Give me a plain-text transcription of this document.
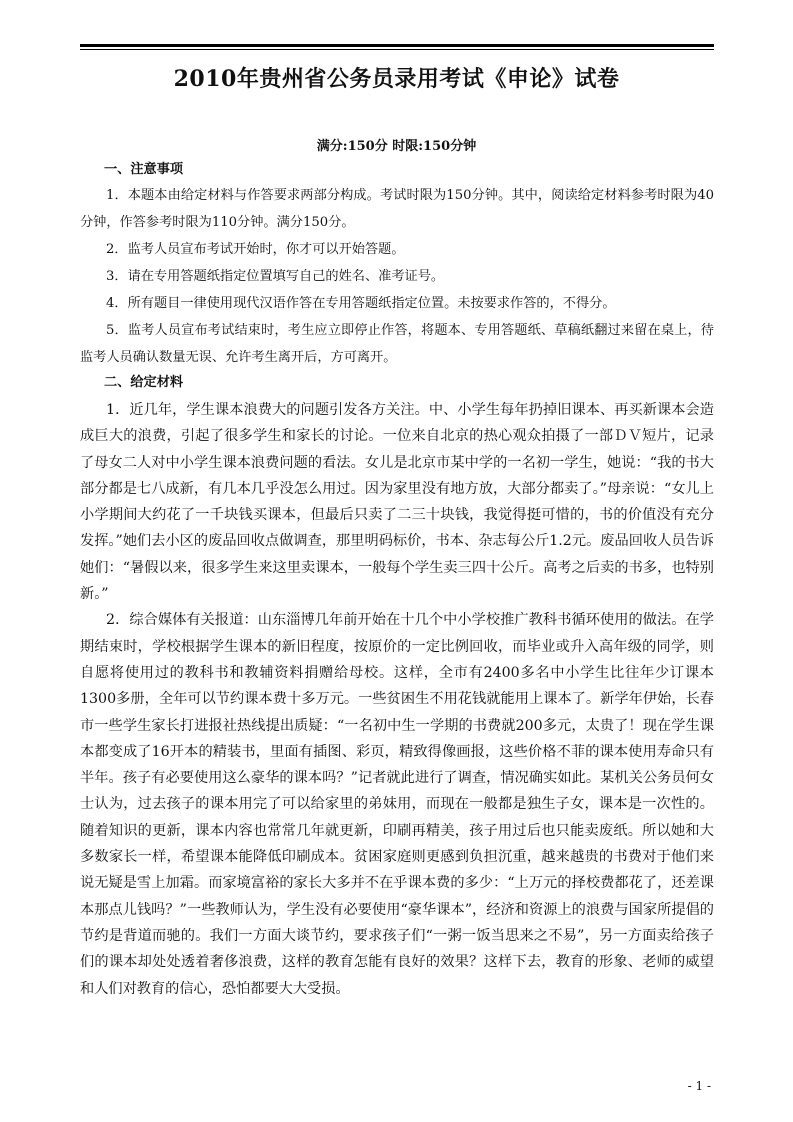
2010年贵州省公务员录用考试《申论》试卷
满分:150分 时限:150分钟
一、注意事项

1．本题本由给定材料与作答要求两部分构成。考试时限为150分钟。其中，阅读给定材料参考时限为40分钟，作答参考时限为110分钟。满分150分。

2．监考人员宣布考试开始时，你才可以开始答题。

3．请在专用答题纸指定位置填写自己的姓名、准考证号。

4．所有题目一律使用现代汉语作答在专用答题纸指定位置。未按要求作答的，不得分。

5．监考人员宣布考试结束时，考生应立即停止作答，将题本、专用答题纸、草稿纸翻过来留在桌上，待监考人员确认数量无误、允许考生离开后，方可离开。

二、给定材料

1．近几年，学生课本浪费大的问题引发各方关注。中、小学生每年扔掉旧课本、再买新课本会造成巨大的浪费，引起了很多学生和家长的讨论。一位来自北京的热心观众拍摄了一部ＤＶ短片，记录了母女二人对中小学生课本浪费问题的看法。女儿是北京市某中学的一名初一学生，她说：“我的书大部分都是七八成新，有几本几乎没怎么用过。因为家里没有地方放，大部分都卖了。”母亲说：“女儿上小学期间大约花了一千块钱买课本，但最后只卖了二三十块钱，我觉得挺可惜的，书的价值没有充分发挥。”她们去小区的废品回收点做调查，那里明码标价，书本、杂志每公斤1.2元。废品回收人员告诉她们：“暑假以来，很多学生来这里卖课本，一般每个学生卖三四十公斤。高考之后卖的书多，也特别新。”

2．综合媒体有关报道：山东淄博几年前开始在十几个中小学校推广教科书循环使用的做法。在学期结束时，学校根据学生课本的新旧程度，按原价的一定比例回收，而毕业或升入高年级的同学，则自愿将使用过的教科书和教辅资料捐赠给母校。这样，全市有2400多名中小学生比往年少订课本1300多册，全年可以节约课本费十多万元。一些贫困生不用花钱就能用上课本了。新学年伊始，长春市一些学生家长打进报社热线提出质疑：“一名初中生一学期的书费就200多元，太贵了！现在学生课本都变成了16开本的精装书，里面有插图、彩页，精致得像画报，这些价格不菲的课本使用寿命只有半年。孩子有必要使用这么豪华的课本吗？”记者就此进行了调查，情况确实如此。某机关公务员何女士认为，过去孩子的课本用完了可以给家里的弟妹用，而现在一般都是独生子女，课本是一次性的。随着知识的更新，课本内容也常常几年就更新，印刷再精美，孩子用过后也只能卖废纸。所以她和大多数家长一样，希望课本能降低印刷成本。贫困家庭则更感到负担沉重，越来越贵的书费对于他们来说无疑是雪上加霜。而家境富裕的家长大多并不在乎课本费的多少：“上万元的择校费都花了，还差课本那点儿钱吗？”一些教师认为，学生没有必要使用“豪华课本”，经济和资源上的浪费与国家所提倡的节约是背道而驰的。我们一方面大谈节约，要求孩子们“一粥一饭当思来之不易”，另一方面卖给孩子们的课本却处处透着奢侈浪费，这样的教育怎能有良好的效果？这样下去，教育的形象、老师的威望和人们对教育的信心，恐怕都要大大受损。

- 1 -
